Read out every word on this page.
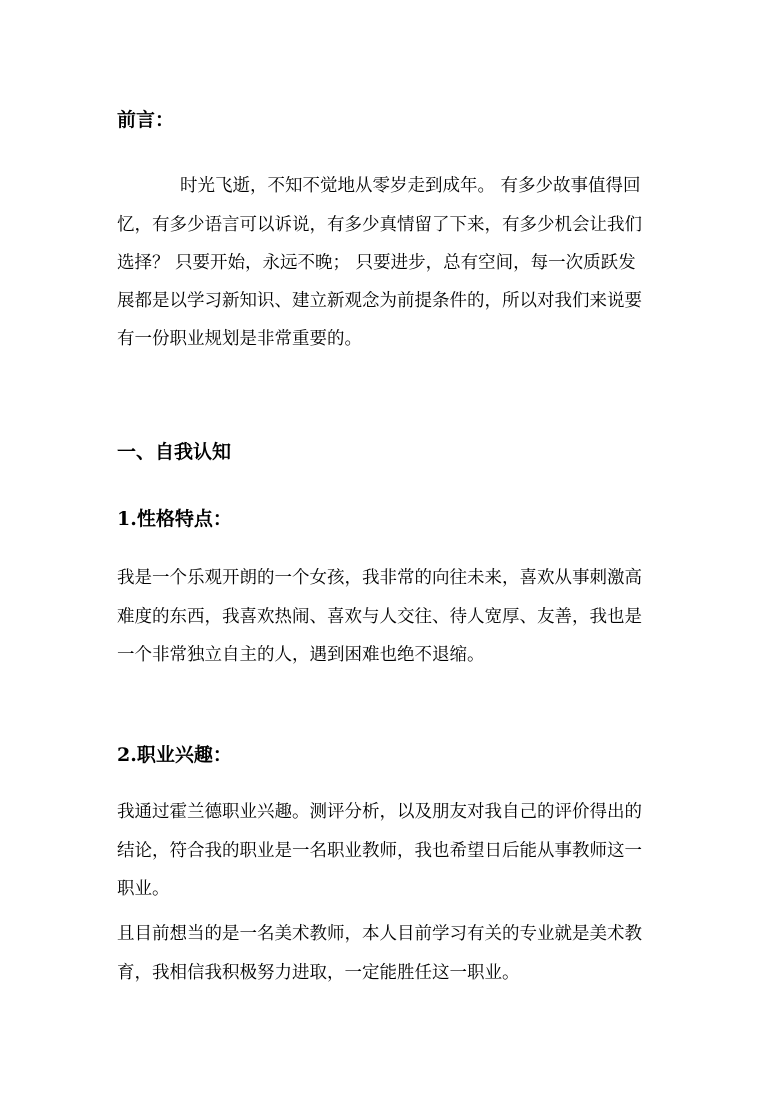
前言：

时光飞逝，不知不觉地从零岁走到成年。 有多少故事值得回

忆，有多少语言可以诉说，有多少真情留了下来，有多少机会让我们

选择？ 只要开始，永远不晚； 只要进步，总有空间，每一次质跃发

展都是以学习新知识、建立新观念为前提条件的，所以对我们来说要

有一份职业规划是非常重要的。

一、自我认知

1.性格特点：

我是一个乐观开朗的一个女孩，我非常的向往未来，喜欢从事刺激高

难度的东西，我喜欢热闹、喜欢与人交往、待人宽厚、友善，我也是

一个非常独立自主的人，遇到困难也绝不退缩。

2.职业兴趣：

我通过霍兰德职业兴趣。测评分析，以及朋友对我自己的评价得出的

结论，符合我的职业是一名职业教师，我也希望日后能从事教师这一

职业。

且目前想当的是一名美术教师，本人目前学习有关的专业就是美术教

育，我相信我积极努力进取，一定能胜任这一职业。
